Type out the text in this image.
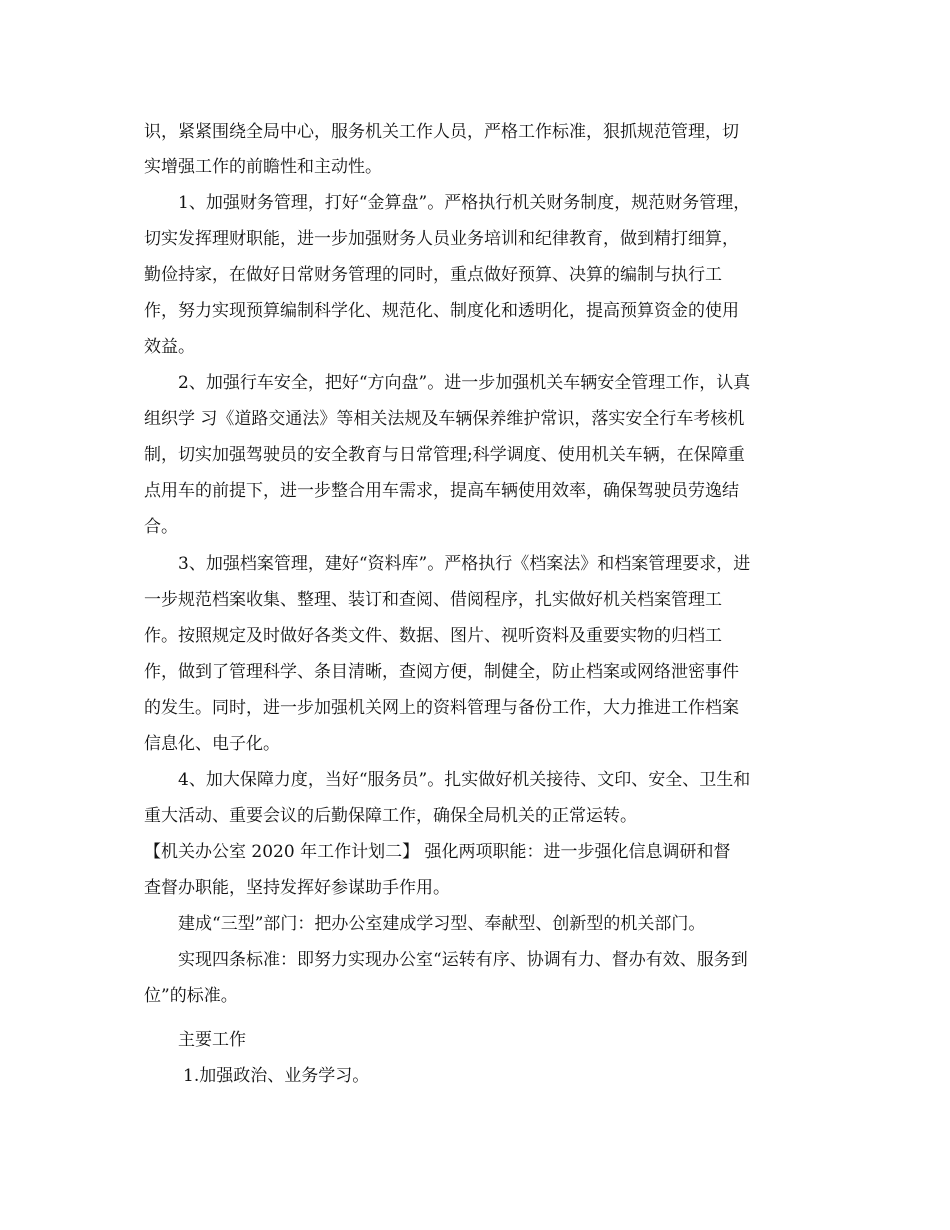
识，紧紧围绕全局中心，服务机关工作人员，严格工作标准，狠抓规范管理，切
实增强工作的前瞻性和主动性。
1、加强财务管理，打好“金算盘”。严格执行机关财务制度，规范财务管理，
切实发挥理财职能，进一步加强财务人员业务培训和纪律教育，做到精打细算，
勤俭持家，在做好日常财务管理的同时，重点做好预算、决算的编制与执行工
作，努力实现预算编制科学化、规范化、制度化和透明化，提高预算资金的使用
效益。
2、加强行车安全，把好“方向盘”。进一步加强机关车辆安全管理工作，认真
组织学 习《道路交通法》等相关法规及车辆保养维护常识，落实安全行车考核机
制，切实加强驾驶员的安全教育与日常管理;科学调度、使用机关车辆，在保障重
点用车的前提下，进一步整合用车需求，提高车辆使用效率，确保驾驶员劳逸结
合。
3、加强档案管理，建好“资料库”。严格执行《档案法》和档案管理要求，进
一步规范档案收集、整理、装订和查阅、借阅程序，扎实做好机关档案管理工
作。按照规定及时做好各类文件、数据、图片、视听资料及重要实物的归档工
作，做到了管理科学、条目清晰，查阅方便，制健全，防止档案或网络泄密事件
的发生。同时，进一步加强机关网上的资料管理与备份工作，大力推进工作档案
信息化、电子化。
4、加大保障力度，当好“服务员”。扎实做好机关接待、文印、安全、卫生和
重大活动、重要会议的后勤保障工作，确保全局机关的正常运转。
【机关办公室 2020 年工作计划二】 强化两项职能：进一步强化信息调研和督
查督办职能，坚持发挥好参谋助手作用。
建成“三型”部门：把办公室建成学习型、奉献型、创新型的机关部门。
实现四条标准：即努力实现办公室“运转有序、协调有力、督办有效、服务到
位”的标准。
主要工作
1.加强政治、业务学习。
